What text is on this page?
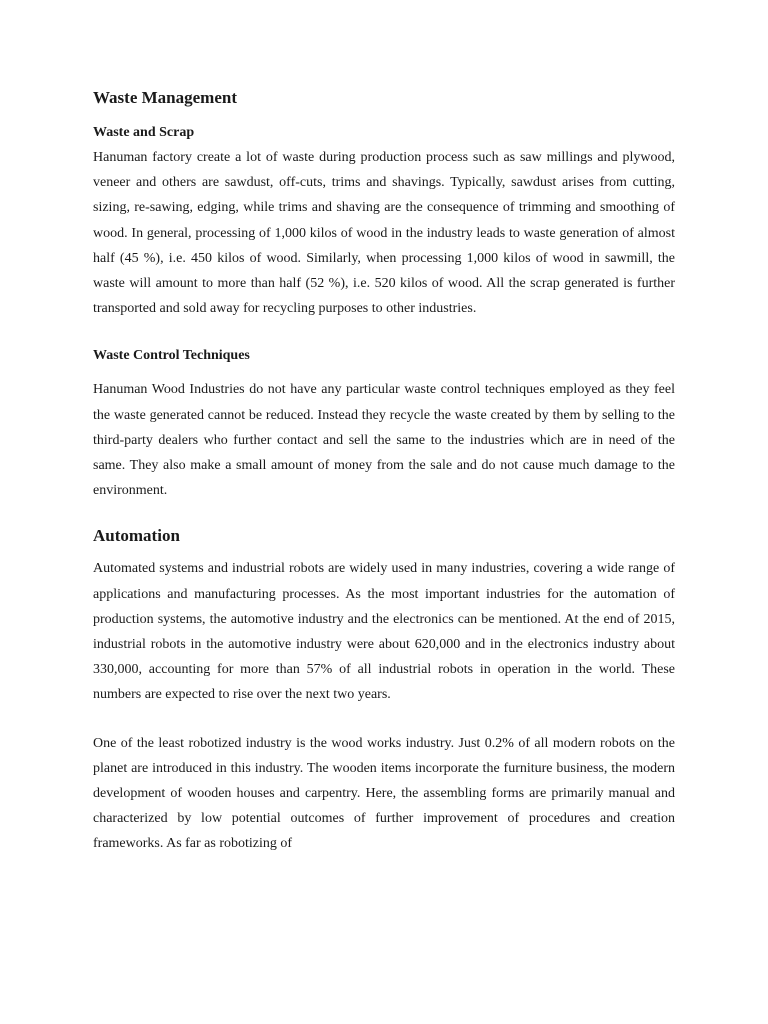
Waste Management
Waste and Scrap

Hanuman factory create a lot of waste during production process such as saw millings and plywood, veneer and others are sawdust, off-cuts, trims and shavings. Typically, sawdust arises from cutting, sizing, re-sawing, edging, while trims and shaving are the consequence of trimming and smoothing of wood. In general, processing of 1,000 kilos of wood in the industry leads to waste generation of almost half (45 %), i.e. 450 kilos of wood. Similarly, when processing 1,000 kilos of wood in sawmill, the waste will amount to more than half (52 %), i.e. 520 kilos of wood. All the scrap generated is further transported and sold away for recycling purposes to other industries.

Waste Control Techniques

Hanuman Wood Industries do not have any particular waste control techniques employed as they feel the waste generated cannot be reduced. Instead they recycle the waste created by them by selling to the third-party dealers who further contact and sell the same to the industries which are in need of the same. They also make a small amount of money from the sale and do not cause much damage to the environment.

Automation

Automated systems and industrial robots are widely used in many industries, covering a wide range of applications and manufacturing processes. As the most important industries for the automation of production systems, the automotive industry and the electronics can be mentioned. At the end of 2015, industrial robots in the automotive industry were about 620,000 and in the electronics industry about 330,000, accounting for more than 57% of all industrial robots in operation in the world. These numbers are expected to rise over the next two years.

One of the least robotized industry is the wood works industry. Just 0.2% of all modern robots on the planet are introduced in this industry. The wooden items incorporate the furniture business, the modern development of wooden houses and carpentry. Here, the assembling forms are primarily manual and characterized by low potential outcomes of further improvement of procedures and creation frameworks. As far as robotizing of
